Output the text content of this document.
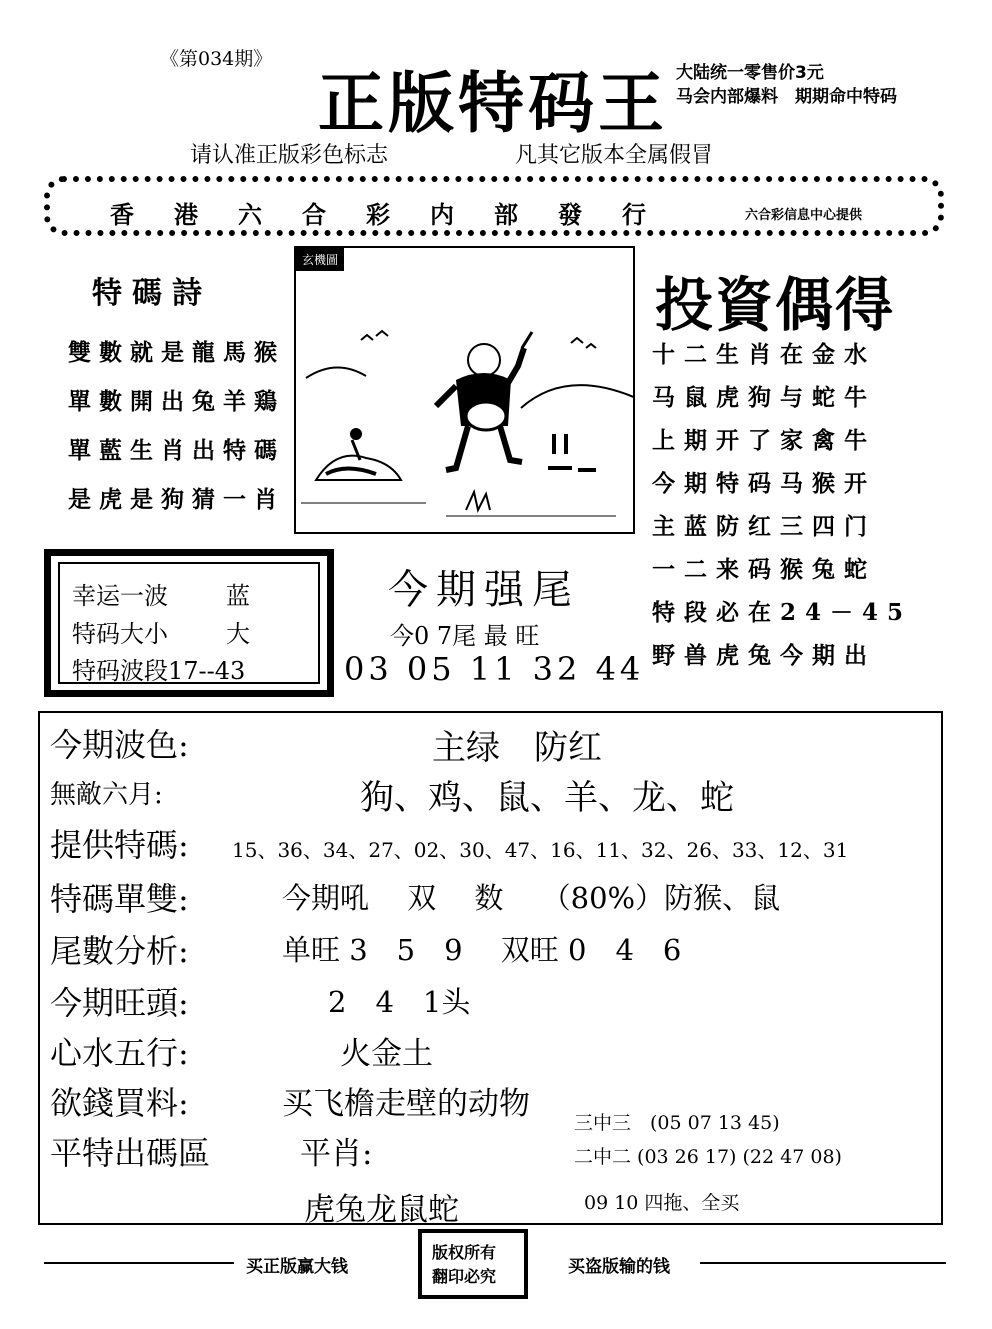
《第034期》
正版特码王 大陆统一零售价3元
马会内部爆料　期期命中特码
请认准正版彩色标志	凡其它版本全属假冒
香港六合彩内部發行	六合彩信息中心提供
特碼詩
雙數就是龍馬猴
單數開出兔羊鶏
單藍生肖出特碼
是虎是狗猜一肖
玄機圖
投資偶得
十二生肖在金水
马鼠虎狗与蛇牛
上期开了家禽牛
今期特码马猴开
主蓝防红三四门
一二来码猴兔蛇
特段必在24－45
野兽虎兔今期出
幸运一波 蓝
特码大小 大
特码波段17--43
今期强尾
今0 7尾 最 旺
03 05 11 32 44
今期波色:	主绿　防红
無敵六月:	狗、鸡、鼠、羊、龙、蛇
提供特碼: 15、36、34、27、02、30、47、16、11、32、26、33、12、31
特碼單雙:	今期吼　 双　 数　 （80%）防猴、鼠
尾數分析:	单旺 3　5　9　 双旺 0　4　6
今期旺頭:	2　4　1头
心水五行:	火金土
欲錢買料:	买飞檐走壁的动物
平特出碼區	平肖:
虎兔龙鼠蛇
三中三　(05 07 13 45)
二中二 (03 26 17) (22 47 08)
09 10 四拖、全买
买正版赢大钱
版权所有
翻印必究	买盗版输的钱
